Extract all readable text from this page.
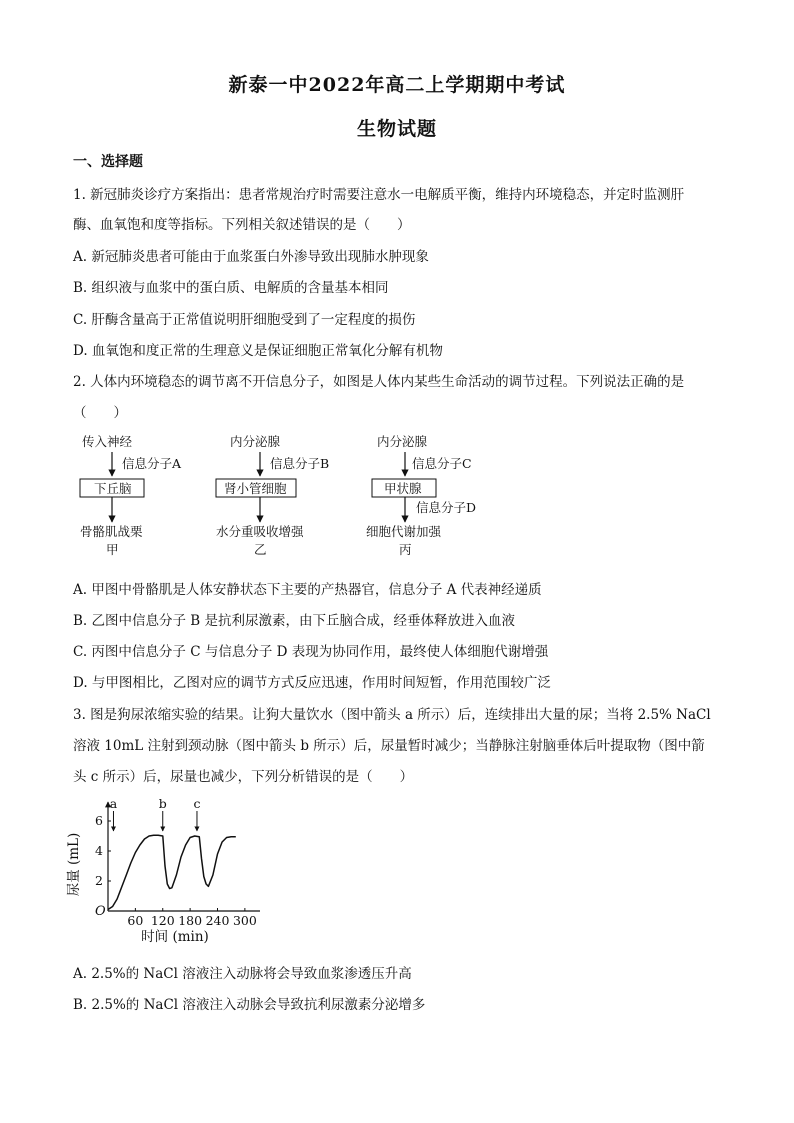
新泰一中2022年高二上学期期中考试
生物试题
一、选择题
1. 新冠肺炎诊疗方案指出：患者常规治疗时需要注意水一电解质平衡，维持内环境稳态，并定时监测肝
酶、血氧饱和度等指标。下列相关叙述错误的是（　　）
A. 新冠肺炎患者可能由于血浆蛋白外渗导致出现肺水肿现象
B. 组织液与血浆中的蛋白质、电解质的含量基本相同
C. 肝酶含量高于正常值说明肝细胞受到了一定程度的损伤
D. 血氧饱和度正常的生理意义是保证细胞正常氧化分解有机物
2. 人体内环境稳态的调节离不开信息分子，如图是人体内某些生命活动的调节过程。下列说法正确的是
（　　）
传入神经
信息分子A
下丘脑
骨骼肌战栗
甲
内分泌腺
信息分子B
肾小管细胞
水分重吸收增强
乙
内分泌腺
信息分子C
甲状腺
信息分子D
细胞代谢加强
丙
A. 甲图中骨骼肌是人体安静状态下主要的产热器官，信息分子 A 代表神经递质
B. 乙图中信息分子 B 是抗利尿激素，由下丘脑合成，经垂体释放进入血液
C. 丙图中信息分子 C 与信息分子 D 表现为协同作用，最终使人体细胞代谢增强
D. 与甲图相比，乙图对应的调节方式反应迅速，作用时间短暂，作用范围较广泛
3. 图是狗尿浓缩实验的结果。让狗大量饮水（图中箭头 a 所示）后，连续排出大量的尿；当将 2.5% NaCl
溶液 10mL 注射到颈动脉（图中箭头 b 所示）后，尿量暂时减少；当静脉注射脑垂体后叶提取物（图中箭
头 c 所示）后，尿量也减少，下列分析错误的是（　　）
O
60 120 180 240 300
2
4
6
时间 (min)
尿量 (mL)
a	b c
A. 2.5%的 NaCl 溶液注入动脉将会导致血浆渗透压升高
B. 2.5%的 NaCl 溶液注入动脉会导致抗利尿激素分泌增多
